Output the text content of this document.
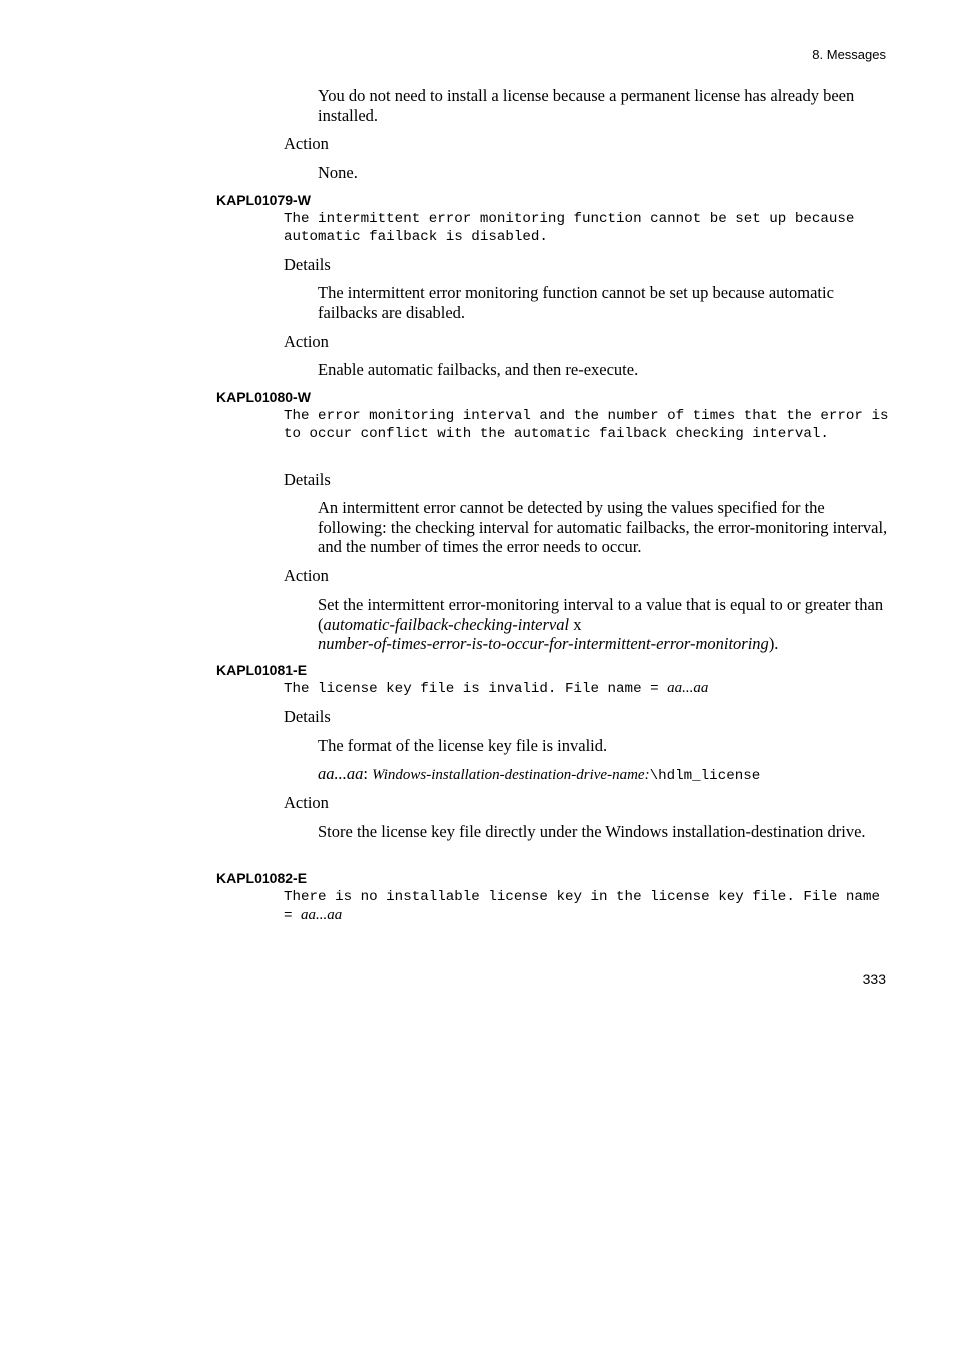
8. Messages
You do not need to install a license because a permanent license has already been installed.
Action
None.
KAPL01079-W
The intermittent error monitoring function cannot be set up because automatic failback is disabled.
Details
The intermittent error monitoring function cannot be set up because automatic failbacks are disabled.
Action
Enable automatic failbacks, and then re-execute.
KAPL01080-W
The error monitoring interval and the number of times that the error is to occur conflict with the automatic failback checking interval.
Details
An intermittent error cannot be detected by using the values specified for the following: the checking interval for automatic failbacks, the error-monitoring interval, and the number of times the error needs to occur.
Action
Set the intermittent error-monitoring interval to a value that is equal to or greater than (automatic-failback-checking-interval x
number-of-times-error-is-to-occur-for-intermittent-error-monitoring).
KAPL01081-E
The license key file is invalid. File name = aa...aa
Details
The format of the license key file is invalid.
aa...aa: Windows-installation-destination-drive-name:\hdlm_license
Action
Store the license key file directly under the Windows installation-destination drive.
KAPL01082-E
There is no installable license key in the license key file. File name = aa...aa
333
